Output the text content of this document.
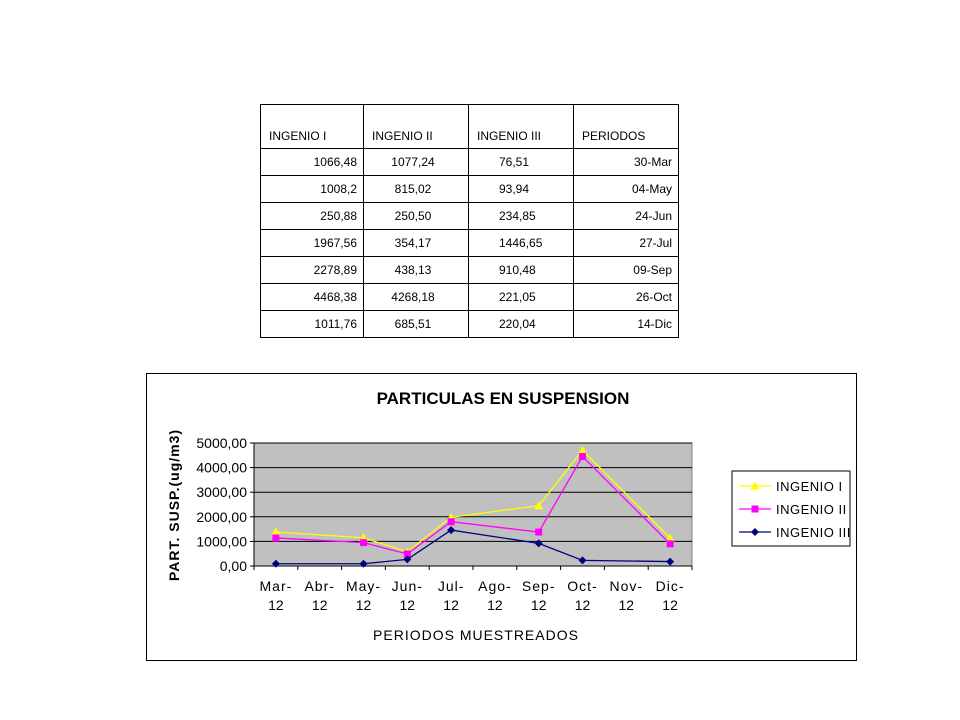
INGENIO I	INGENIO II	INGENIO III	PERIODOS
1066,48	1077,24	76,51	30-Mar
1008,2	815,02	93,94	04-May
250,88	250,50	234,85	24-Jun
1967,56	354,17	1446,65	27-Jul
2278,89	438,13	910,48	09-Sep
4468,38	4268,18	221,05	26-Oct
1011,76	685,51	220,04	14-Dic
PARTICULAS EN SUSPENSION
PART. SUSP.(ug/m3)
PERIODOS MUESTREADOS
0,00
1000,00
2000,00
3000,00
4000,00
5000,00
Mar-
12
Abr-
12
May-
12
Jun-
12
Jul-
12
Ago-
12
Sep-
12
Oct-
12
Nov-
12
Dic-
12
INGENIO I
INGENIO II
INGENIO III
